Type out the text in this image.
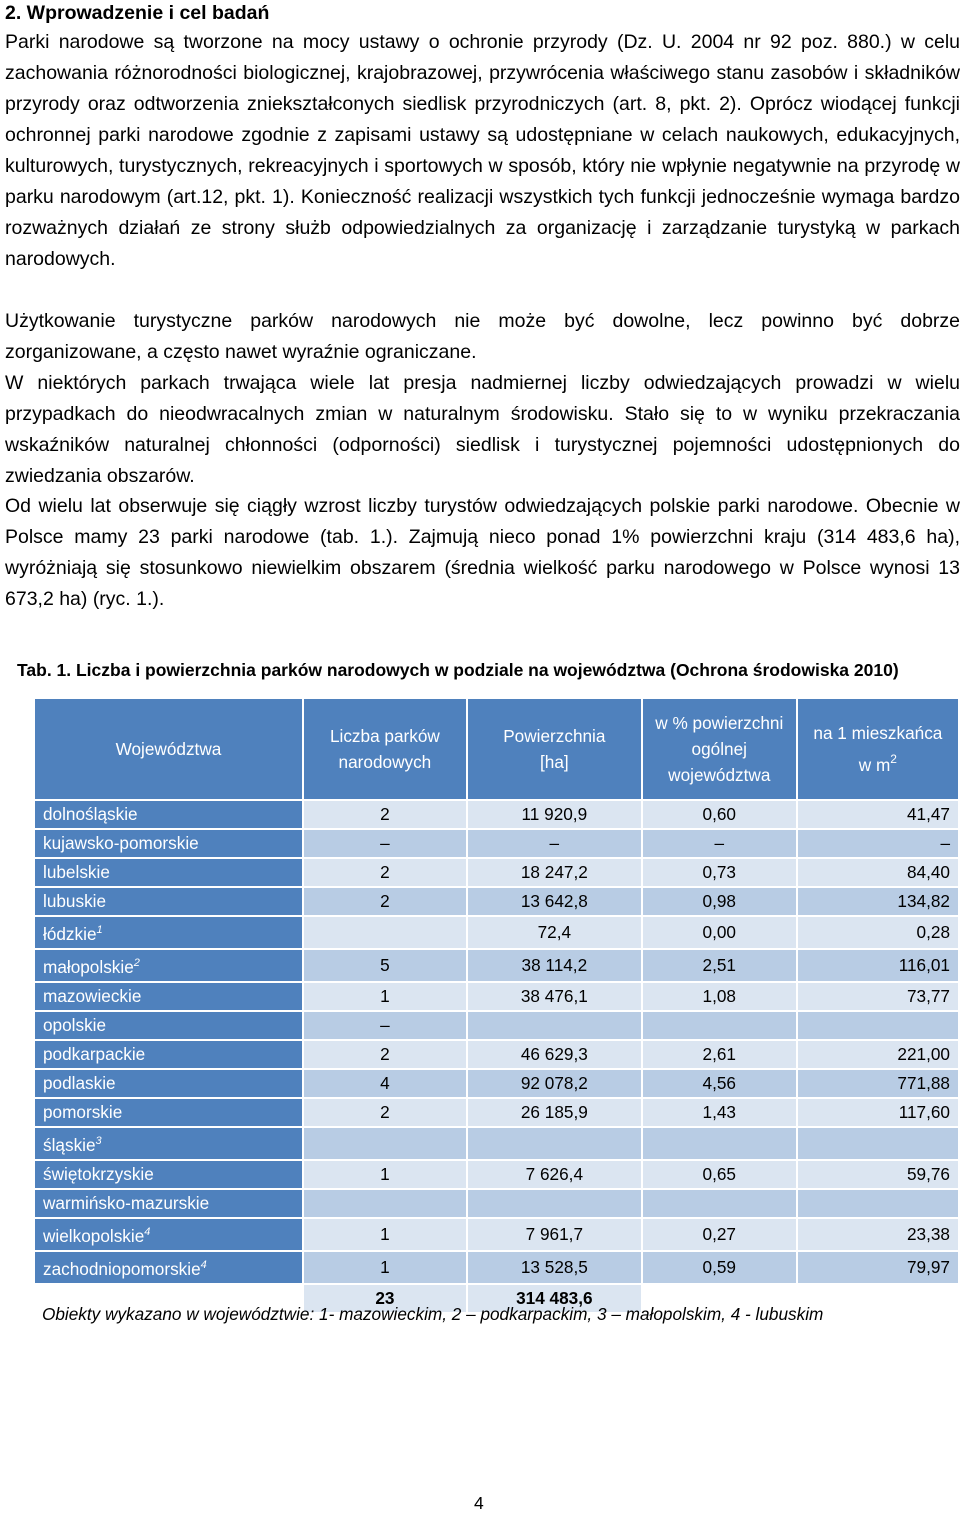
2. Wprowadzenie i cel badań

Parki narodowe są tworzone na mocy ustawy o ochronie przyrody (Dz. U. 2004 nr 92 poz. 880.) w celu zachowania różnorodności biologicznej, krajobrazowej, przywrócenia właściwego stanu zasobów i składników przyrody oraz odtworzenia zniekształconych siedlisk przyrodniczych (art. 8, pkt. 2). Oprócz wiodącej funkcji ochronnej parki narodowe zgodnie z zapisami ustawy są udostępniane w celach naukowych, edukacyjnych, kulturowych, turystycznych, rekreacyjnych i sportowych w sposób, który nie wpłynie negatywnie na przyrodę w parku narodowym (art.12, pkt. 1). Konieczność realizacji wszystkich tych funkcji jednocześnie wymaga bardzo rozważnych działań ze strony służb odpowiedzialnych za organizację i zarządzanie turystyką w parkach narodowych.

Użytkowanie turystyczne parków narodowych nie może być dowolne, lecz powinno być dobrze zorganizowane, a często nawet wyraźnie ograniczane.

W niektórych parkach trwająca wiele lat presja nadmiernej liczby odwiedzających prowadzi w wielu przypadkach do nieodwracalnych zmian w naturalnym środowisku. Stało się to w wyniku przekraczania wskaźników naturalnej chłonności (odporności) siedlisk i turystycznej pojemności udostępnionych do zwiedzania obszarów.

Od wielu lat obserwuje się ciągły wzrost liczby turystów odwiedzających polskie parki narodowe. Obecnie w Polsce mamy 23 parki narodowe (tab. 1.). Zajmują nieco ponad 1% powierzchni kraju (314 483,6 ha), wyróżniają się stosunkowo niewielkim obszarem (średnia wielkość parku narodowego w Polsce wynosi 13 673,2 ha) (ryc. 1.).

Tab. 1. Liczba i powierzchnia parków narodowych w podziale na województwa (Ochrona środowiska 2010)
Województwa	Liczba parków narodowych	Powierzchnia [ha]	w % powierzchni ogólnej województwa	na 1 mieszkańca w $m^2$
dolnośląskie	2	11 920,9	0,60	41,47
kujawsko-pomorskie	–	–	–	–
lubelskie	2	18 247,2	0,73	84,40
lubuskie	2	13 642,8	0,98	134,82
łódzkie$^1$		72,4	0,00	0,28
małopolskie$^2$	5	38 114,2	2,51	116,01
mazowieckie	1	38 476,1	1,08	73,77
opolskie	–			
podkarpackie	2	46 629,3	2,61	221,00
podlaskie	4	92 078,2	4,56	771,88
pomorskie	2	26 185,9	1,43	117,60
śląskie$^3$				
świętokrzyskie	1	7 626,4	0,65	59,76
warmińsko-mazurskie				
wielkopolskie$^4$	1	7 961,7	0,27	23,38
zachodniopomorskie$^4$	1	13 528,5	0,59	79,97
	23	314 483,6		
Obiekty wykazano w województwie: 1- mazowieckim, 2 – podkarpackim, 3 – małopolskim, 4 - lubuskim
4
